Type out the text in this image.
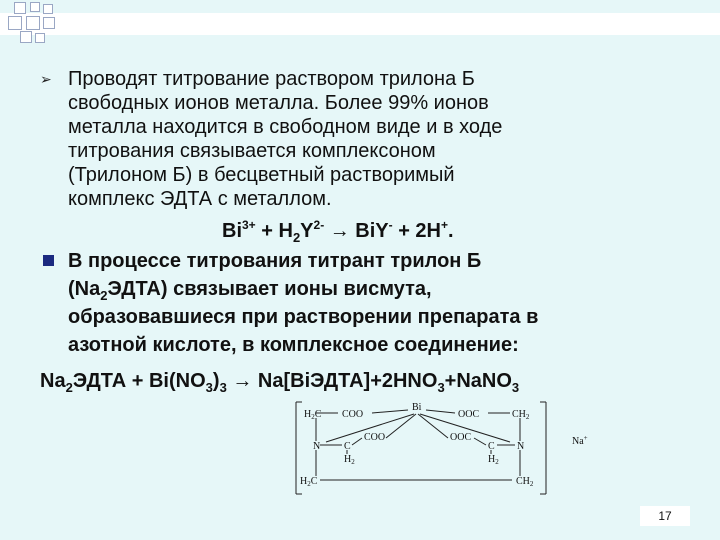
➢ Проводят титрование раствором трилона Б
свободных ионов металла. Более 99% ионов
металла находится в свободном виде и в ходе
титрования связывается комплексоном
(Трилоном Б) в бесцветный растворимый
комплекс ЭДТА с металлом.
$Bi^{3+} + H_2Y^{2-} \to BiY^- + 2H^+$.
В процессе титрования титрант трилон Б
$(Na_2ЭДТА)$ связывает ионы висмута,
образовавшиеся при растворении препарата в
азотной кислоте, в комплексное соединение:
$Na_2ЭДТА + Bi(NO_3)_3$ → $Na[BiЭДТА]+2HNO_3+NaNO_3$
Bi
$H_2C$ COO	OOC	$CH_2$
N C
COO	OOC
C N
$H_2$	$H_2$
Na+
$H_2C$	$CH_2$
17
